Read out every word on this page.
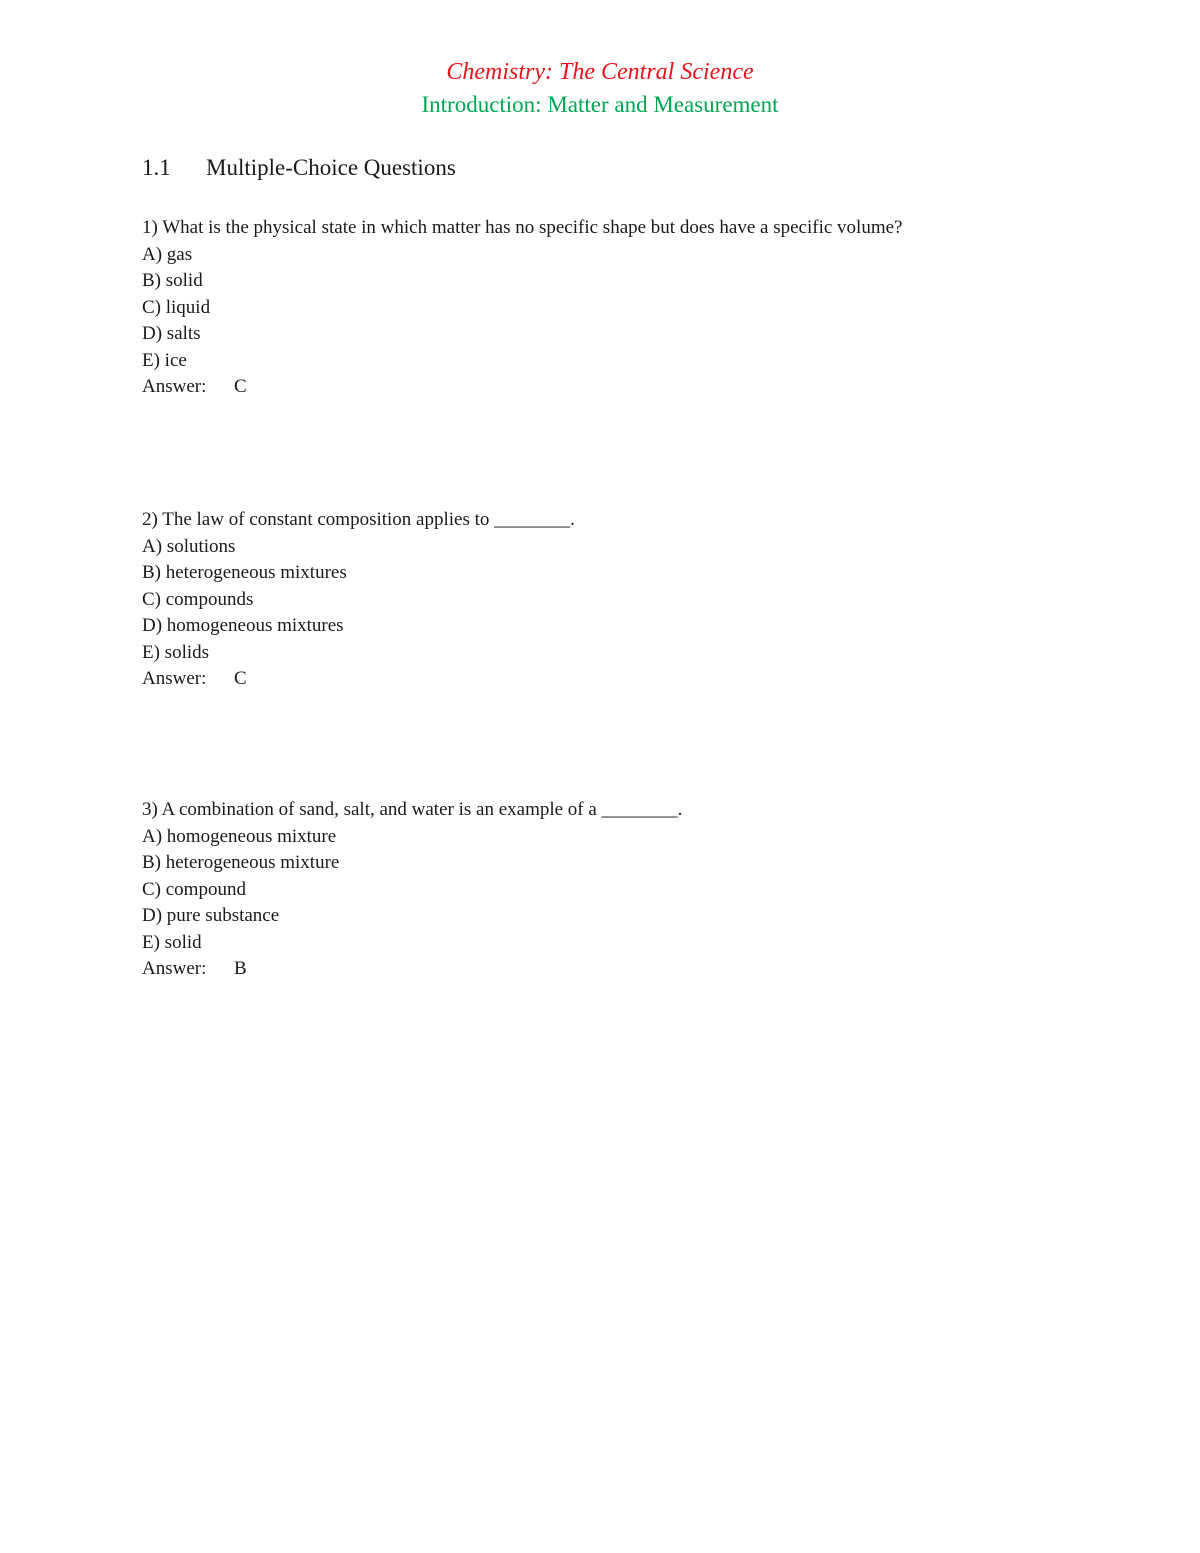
Chemistry: The Central Science
Introduction: Matter and Measurement
1.1 Multiple-Choice Questions
1) What is the physical state in which matter has no specific shape but does have a specific volume?
A) gas
B) solid
C) liquid
D) salts
E) ice
Answer: C
2) The law of constant composition applies to ________.
A) solutions
B) heterogeneous mixtures
C) compounds
D) homogeneous mixtures
E) solids
Answer: C
3) A combination of sand, salt, and water is an example of a ________.
A) homogeneous mixture
B) heterogeneous mixture
C) compound
D) pure substance
E) solid
Answer: B
